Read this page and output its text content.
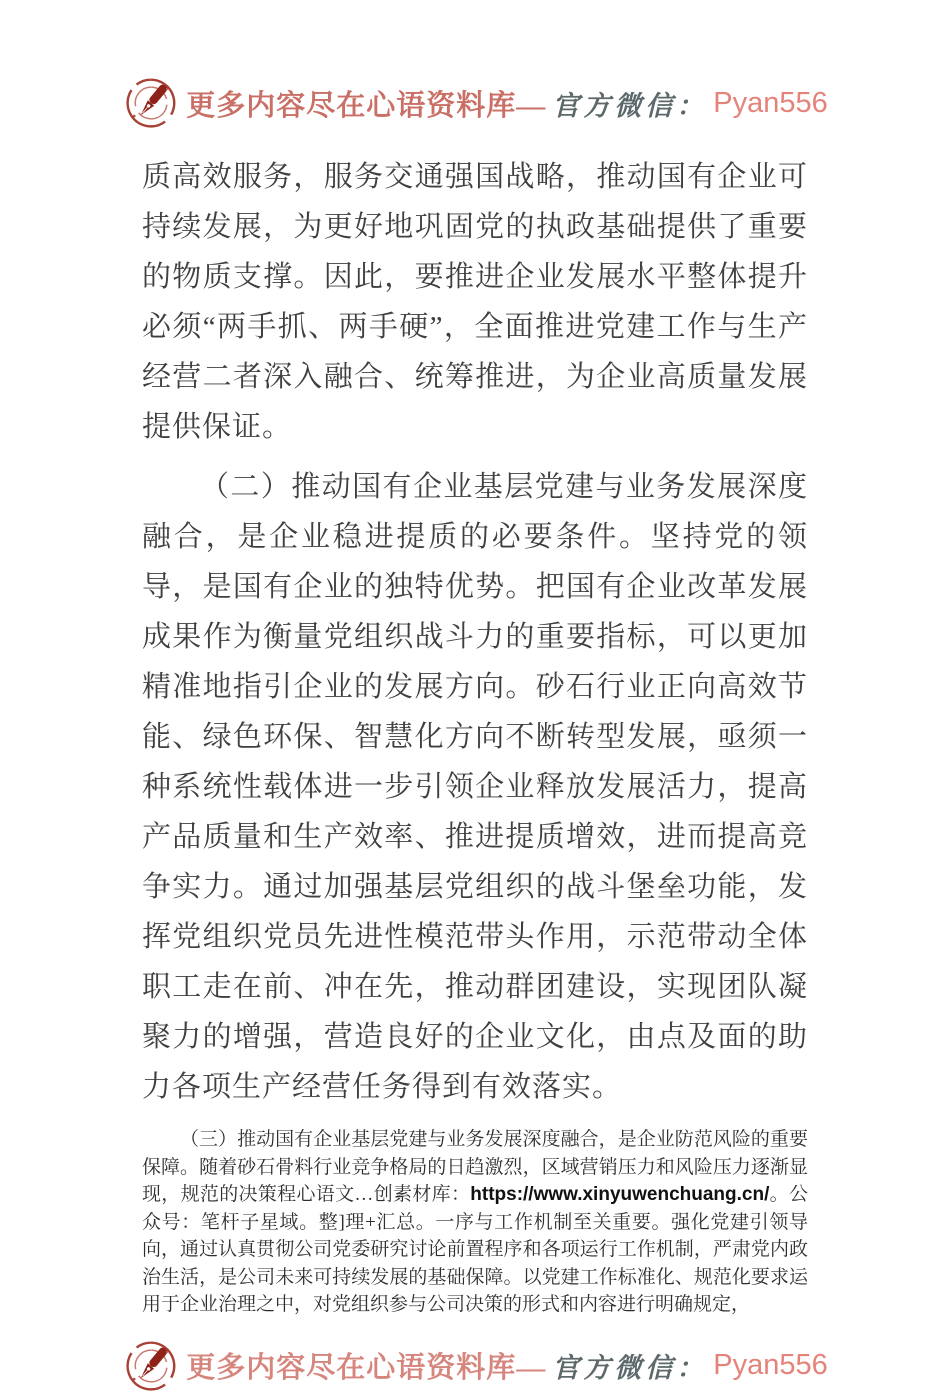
更多内容尽在心语资料库— 官方微信： Pyan556

质高效服务，服务交通强国战略，推动国有企业可持续发展，为更好地巩固党的执政基础提供了重要的物质支撑。因此，要推进企业发展水平整体提升必须“两手抓、两手硬”，全面推进党建工作与生产经营二者深入融合、统筹推进，为企业高质量发展提供保证。

（二）推动国有企业基层党建与业务发展深度融合，是企业稳进提质的必要条件。坚持党的领导，是国有企业的独特优势。把国有企业改革发展成果作为衡量党组织战斗力的重要指标，可以更加精准地指引企业的发展方向。砂石行业正向高效节能、绿色环保、智慧化方向不断转型发展，亟须一种系统性载体进一步引领企业释放发展活力，提高产品质量和生产效率、推进提质增效，进而提高竞争实力。通过加强基层党组织的战斗堡垒功能，发挥党组织党员先进性模范带头作用，示范带动全体职工走在前、冲在先，推动群团建设，实现团队凝聚力的增强，营造良好的企业文化，由点及面的助力各项生产经营任务得到有效落实。

（三）推动国有企业基层党建与业务发展深度融合，是企业防范风险的重要保障。随着砂石骨料行业竞争格局的日趋激烈，区域营销压力和风险压力逐渐显现，规范的决策程心语文…创素材库：https://www.xinyuwenchuang.cn/。公众号：笔杆子星域。整]理+汇总。一序与工作机制至关重要。强化党建引领导向，通过认真贯彻公司党委研究讨论前置程序和各项运行工作机制，严肃党内政治生活，是公司未来可持续发展的基础保障。以党建工作标准化、规范化要求运用于企业治理之中，对党组织参与公司决策的形式和内容进行明确规定，

更多内容尽在心语资料库— 官方微信： Pyan556
